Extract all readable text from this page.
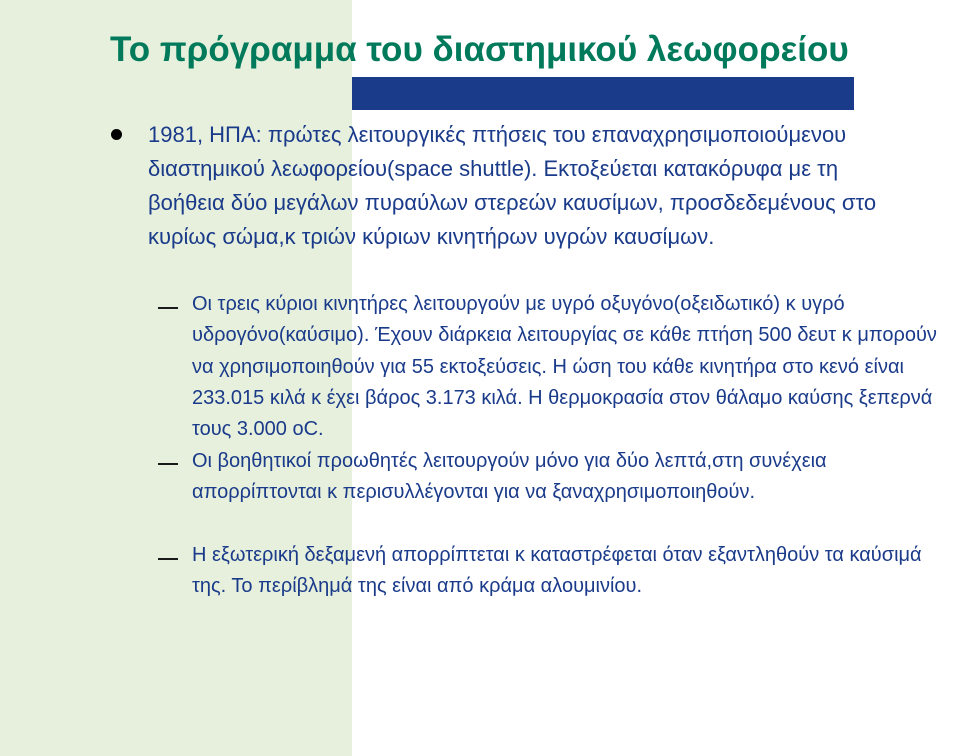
Το πρόγραμμα του διαστημικού λεωφορείου

1981, ΗΠΑ: πρώτες λειτουργικές πτήσεις του επαναχρησιμοποιούμενου διαστημικού λεωφορείου(space shuttle). Εκτοξεύεται κατακόρυφα με τη βοήθεια δύο μεγάλων πυραύλων στερεών καυσίμων, προσδεδεμένους στο κυρίως σώμα,κ τριών κύριων κινητήρων υγρών καυσίμων.

Οι τρεις κύριοι κινητήρες λειτουργούν με υγρό οξυγόνο(οξειδωτικό) κ υγρό υδρογόνο(καύσιμο). Έχουν διάρκεια λειτουργίας σε κάθε πτήση 500 δευτ κ μπορούν να χρησιμοποιηθούν για 55 εκτοξεύσεις. Η ώση του κάθε κινητήρα στο κενό είναι 233.015 κιλά κ έχει βάρος 3.173 κιλά. Η θερμοκρασία στον θάλαμο καύσης ξεπερνά τους 3.000 oC.

Οι βοηθητικοί προωθητές λειτουργούν μόνο για δύο λεπτά,στη συνέχεια απορρίπτονται κ περισυλλέγονται για να ξαναχρησιμοποιηθούν.

Η εξωτερική δεξαμενή απορρίπτεται κ καταστρέφεται όταν εξαντληθούν τα καύσιμά της. Το περίβλημά της είναι από κράμα αλουμινίου.
